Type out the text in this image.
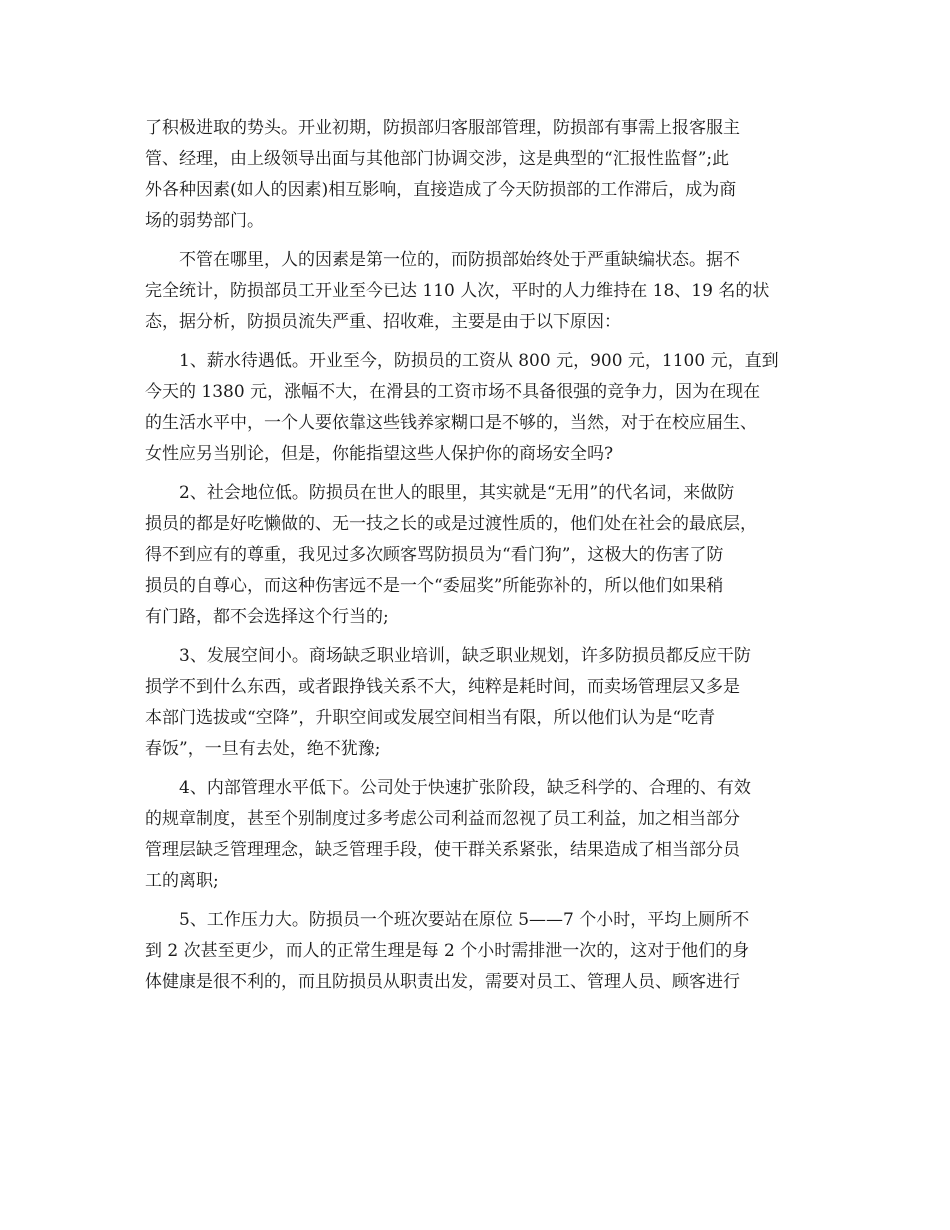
了积极进取的势头。开业初期，防损部归客服部管理，防损部有事需上报客服主
管、经理，由上级领导出面与其他部门协调交涉，这是典型的“汇报性监督”;此
外各种因素(如人的因素)相互影响，直接造成了今天防损部的工作滞后，成为商
场的弱势部门。
不管在哪里，人的因素是第一位的，而防损部始终处于严重缺编状态。据不
完全统计，防损部员工开业至今已达 110 人次，平时的人力维持在 18、19 名的状
态，据分析，防损员流失严重、招收难，主要是由于以下原因：
1、薪水待遇低。开业至今，防损员的工资从 800 元，900 元，1100 元，直到
今天的 1380 元，涨幅不大，在滑县的工资市场不具备很强的竞争力，因为在现在
的生活水平中，一个人要依靠这些钱养家糊口是不够的，当然，对于在校应届生、
女性应另当别论，但是，你能指望这些人保护你的商场安全吗?
2、社会地位低。防损员在世人的眼里，其实就是“无用”的代名词，来做防
损员的都是好吃懒做的、无一技之长的或是过渡性质的，他们处在社会的最底层，
得不到应有的尊重，我见过多次顾客骂防损员为“看门狗”，这极大的伤害了防
损员的自尊心，而这种伤害远不是一个“委屈奖”所能弥补的，所以他们如果稍
有门路，都不会选择这个行当的;
3、发展空间小。商场缺乏职业培训，缺乏职业规划，许多防损员都反应干防
损学不到什么东西，或者跟挣钱关系不大，纯粹是耗时间，而卖场管理层又多是
本部门选拔或“空降”，升职空间或发展空间相当有限，所以他们认为是“吃青
春饭”，一旦有去处，绝不犹豫;
4、内部管理水平低下。公司处于快速扩张阶段，缺乏科学的、合理的、有效
的规章制度，甚至个别制度过多考虑公司利益而忽视了员工利益，加之相当部分
管理层缺乏管理理念，缺乏管理手段，使干群关系紧张，结果造成了相当部分员
工的离职;
5、工作压力大。防损员一个班次要站在原位 5——7 个小时，平均上厕所不
到 2 次甚至更少，而人的正常生理是每 2 个小时需排泄一次的，这对于他们的身
体健康是很不利的，而且防损员从职责出发，需要对员工、管理人员、顾客进行
